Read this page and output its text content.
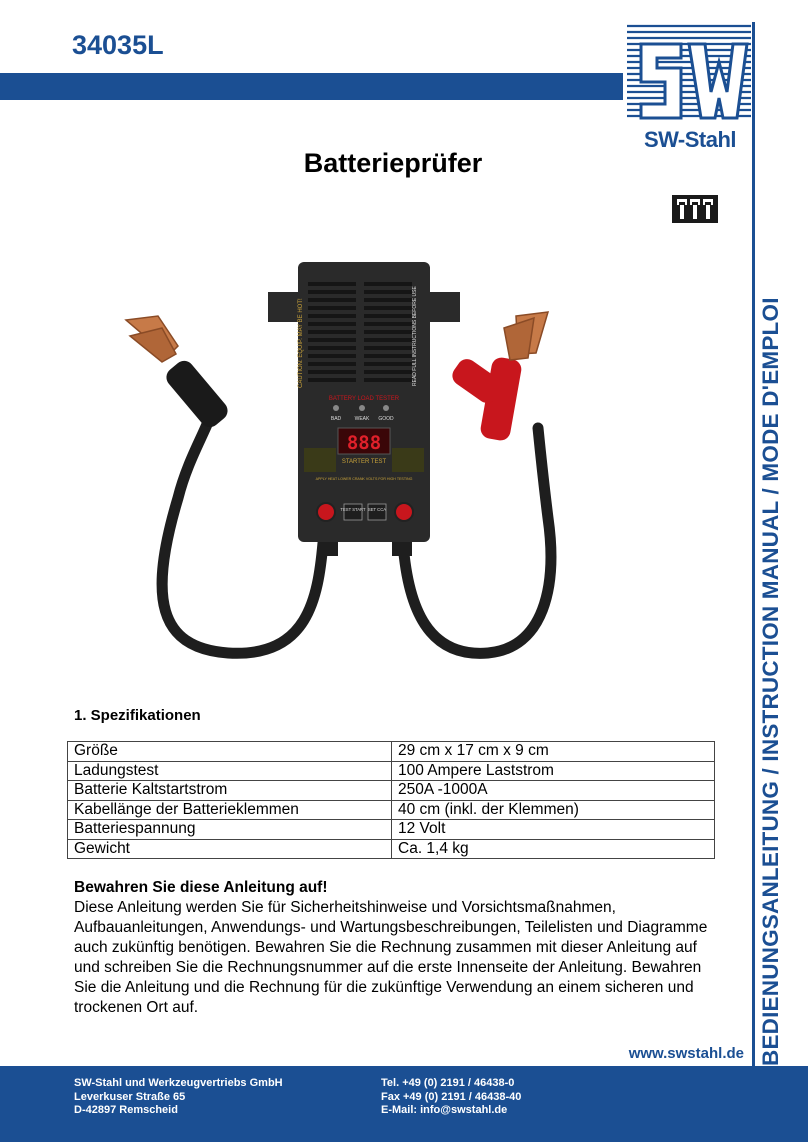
34035L
SW-Stahl
BEDIENUNGSANLEITUNG / INSTRUCTION MANUAL / MODE D'EMPLOI
Batterieprüfer
CAUTION: EQUIP. MAY BE HOT!	READ FULL INSTRUCTIONS BEFORE USE
BATTERY LOAD TESTER
BAD	WEAK GOOD
888
STARTER TEST
APPLY HEAT LOWER CRANK VOLTS FOR HIGH TESTING
TEST START SET CCA
1. Spezifikationen
Größe	29 cm x 17 cm x 9 cm
Ladungstest	100 Ampere Laststrom
Batterie Kaltstartstrom	250A -1000A
Kabellänge der Batterieklemmen	40 cm (inkl. der Klemmen)
Batteriespannung	12 Volt
Gewicht	Ca. 1,4 kg
Bewahren Sie diese Anleitung auf!
Diese Anleitung werden Sie für Sicherheitshinweise und Vorsichtsmaßnahmen, Aufbauanleitungen, Anwendungs- und Wartungsbeschreibungen, Teilelisten und Diagramme auch zukünftig benötigen. Bewahren Sie die Rechnung zusammen mit dieser Anleitung auf und schreiben Sie die Rechnungsnummer auf die erste Innenseite der Anleitung. Bewahren Sie die Anleitung und die Rechnung für die zukünftige Verwendung an einem sicheren und trockenen Ort auf.
www.swstahl.de
SW-Stahl und Werkzeugvertriebs GmbH
Leverkuser Straße 65
D-42897 Remscheid
Tel. +49 (0) 2191 / 46438-0
Fax +49 (0) 2191 / 46438-40
E-Mail: info@swstahl.de
